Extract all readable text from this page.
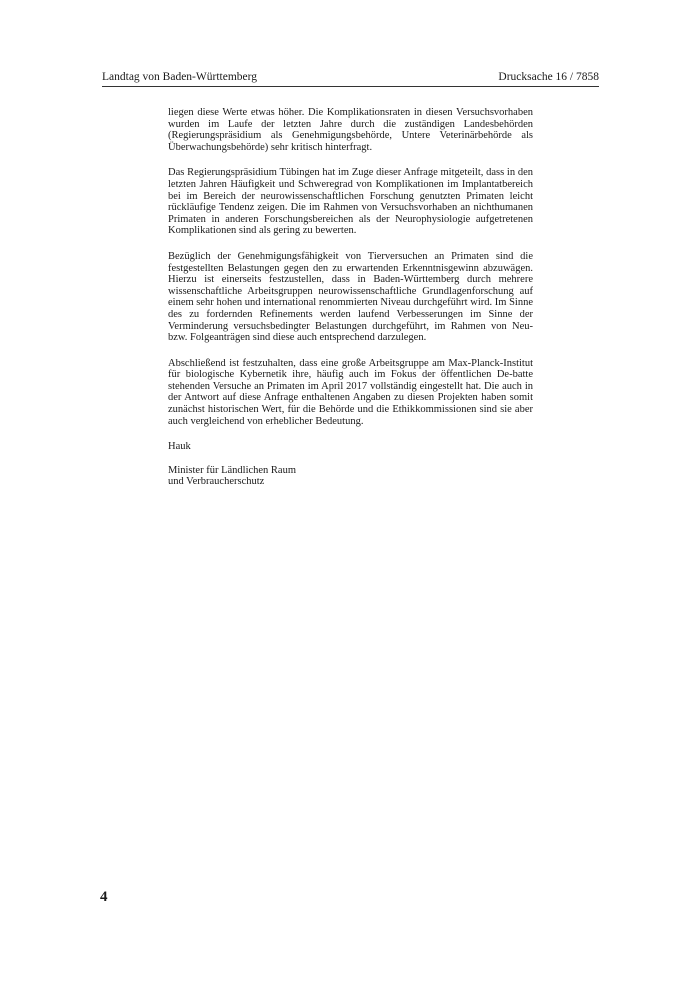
Landtag von Baden-Württemberg	Drucksache 16 / 7858

liegen diese Werte etwas höher. Die Komplikationsraten in diesen Versuchsvorhaben wurden im Laufe der letzten Jahre durch die zuständigen Landesbehörden (Regierungspräsidium als Genehmigungsbehörde, Untere Veterinärbehörde als Überwachungsbehörde) sehr kritisch hinterfragt.

Das Regierungspräsidium Tübingen hat im Zuge dieser Anfrage mitgeteilt, dass in den letzten Jahren Häufigkeit und Schweregrad von Komplikationen im Implantatbereich bei im Bereich der neurowissenschaftlichen Forschung genutzten Primaten leicht rückläufige Tendenz zeigen. Die im Rahmen von Versuchsvorhaben an nichthumanen Primaten in anderen Forschungsbereichen als der Neurophysiologie aufgetretenen Komplikationen sind als gering zu bewerten.

Bezüglich der Genehmigungsfähigkeit von Tierversuchen an Primaten sind die festgestellten Belastungen gegen den zu erwartenden Erkenntnisgewinn abzuwägen. Hierzu ist einerseits festzustellen, dass in Baden-Württemberg durch mehrere wissenschaftliche Arbeitsgruppen neurowissenschaftliche Grundlagenforschung auf einem sehr hohen und international renommierten Niveau durchgeführt wird. Im Sinne des zu fordernden Refinements werden laufend Verbesserungen im Sinne der Verminderung versuchsbedingter Belastungen durchgeführt, im Rahmen von Neu- bzw. Folgeanträgen sind diese auch entsprechend darzulegen.

Abschließend ist festzuhalten, dass eine große Arbeitsgruppe am Max-Planck-Institut für biologische Kybernetik ihre, häufig auch im Fokus der öffentlichen De-batte stehenden Versuche an Primaten im April 2017 vollständig eingestellt hat. Die auch in der Antwort auf diese Anfrage enthaltenen Angaben zu diesen Projekten haben somit zunächst historischen Wert, für die Behörde und die Ethikkommissionen sind sie aber auch vergleichend von erheblicher Bedeutung.

Hauk

Minister für Ländlichen Raum

und Verbraucherschutz

4
